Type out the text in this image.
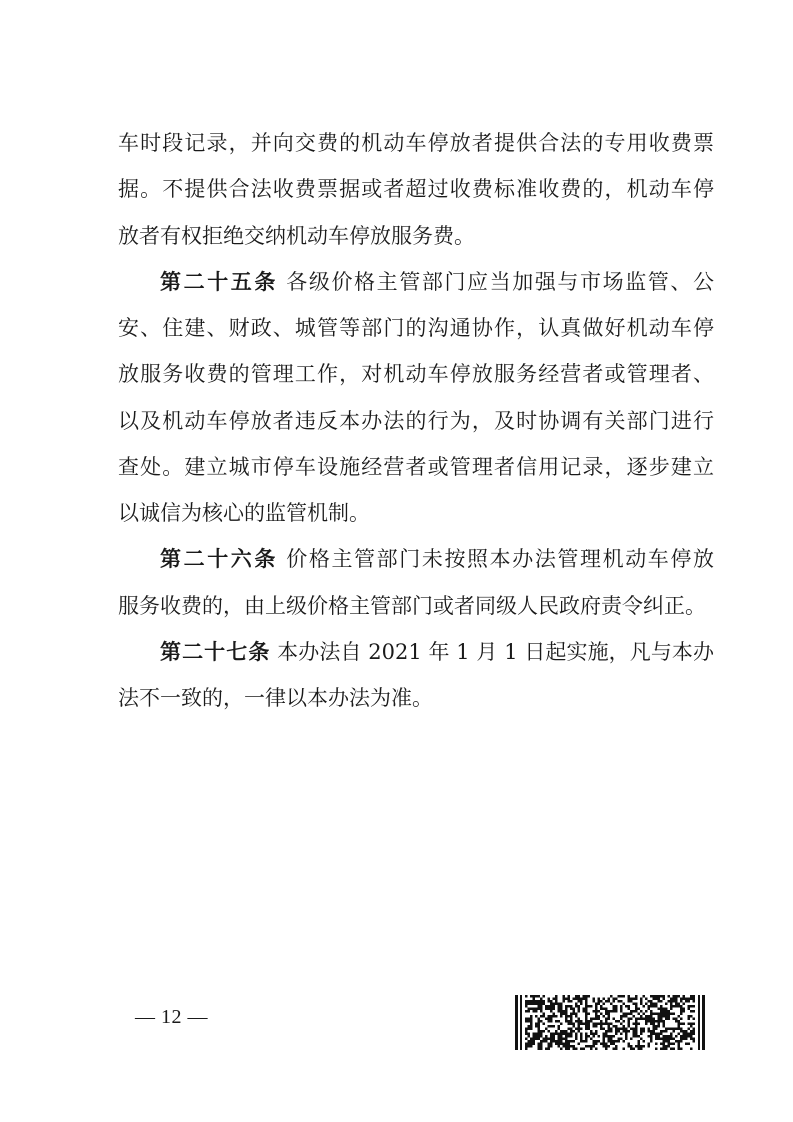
车时段记录，并向交费的机动车停放者提供合法的专用收费票
据。不提供合法收费票据或者超过收费标准收费的，机动车停
放者有权拒绝交纳机动车停放服务费。
第二十五条 各级价格主管部门应当加强与市场监管、公
安、住建、财政、城管等部门的沟通协作，认真做好机动车停
放服务收费的管理工作，对机动车停放服务经营者或管理者、
以及机动车停放者违反本办法的行为，及时协调有关部门进行
查处。建立城市停车设施经营者或管理者信用记录，逐步建立
以诚信为核心的监管机制。
第二十六条 价格主管部门未按照本办法管理机动车停放
服务收费的，由上级价格主管部门或者同级人民政府责令纠正。
第二十七条 本办法自 2021 年 1 月 1 日起实施，凡与本办
法不一致的，一律以本办法为准。
— 12 —
